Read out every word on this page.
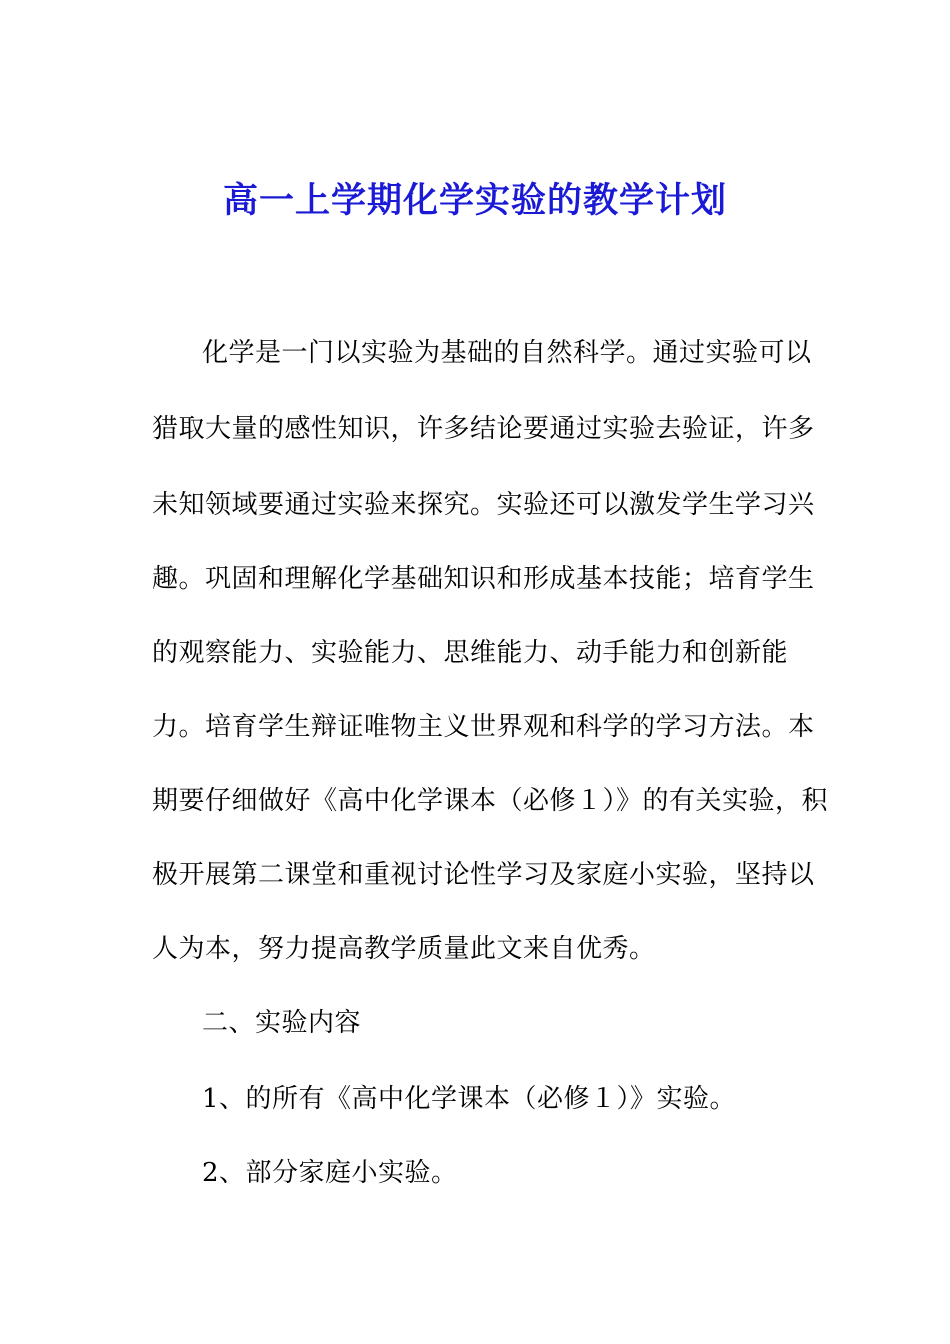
高一上学期化学实验的教学计划
化学是一门以实验为基础的自然科学。通过实验可以
猎取大量的感性知识，许多结论要通过实验去验证，许多
未知领域要通过实验来探究。实验还可以激发学生学习兴
趣。巩固和理解化学基础知识和形成基本技能；培育学生
的观察能力、实验能力、思维能力、动手能力和创新能
力。培育学生辩证唯物主义世界观和科学的学习方法。本
期要仔细做好《高中化学课本（必修１）》的有关实验，积
极开展第二课堂和重视讨论性学习及家庭小实验，坚持以
人为本，努力提高教学质量此文来自优秀。
二、实验内容
1、的所有《高中化学课本（必修１）》实验。
2、部分家庭小实验。
